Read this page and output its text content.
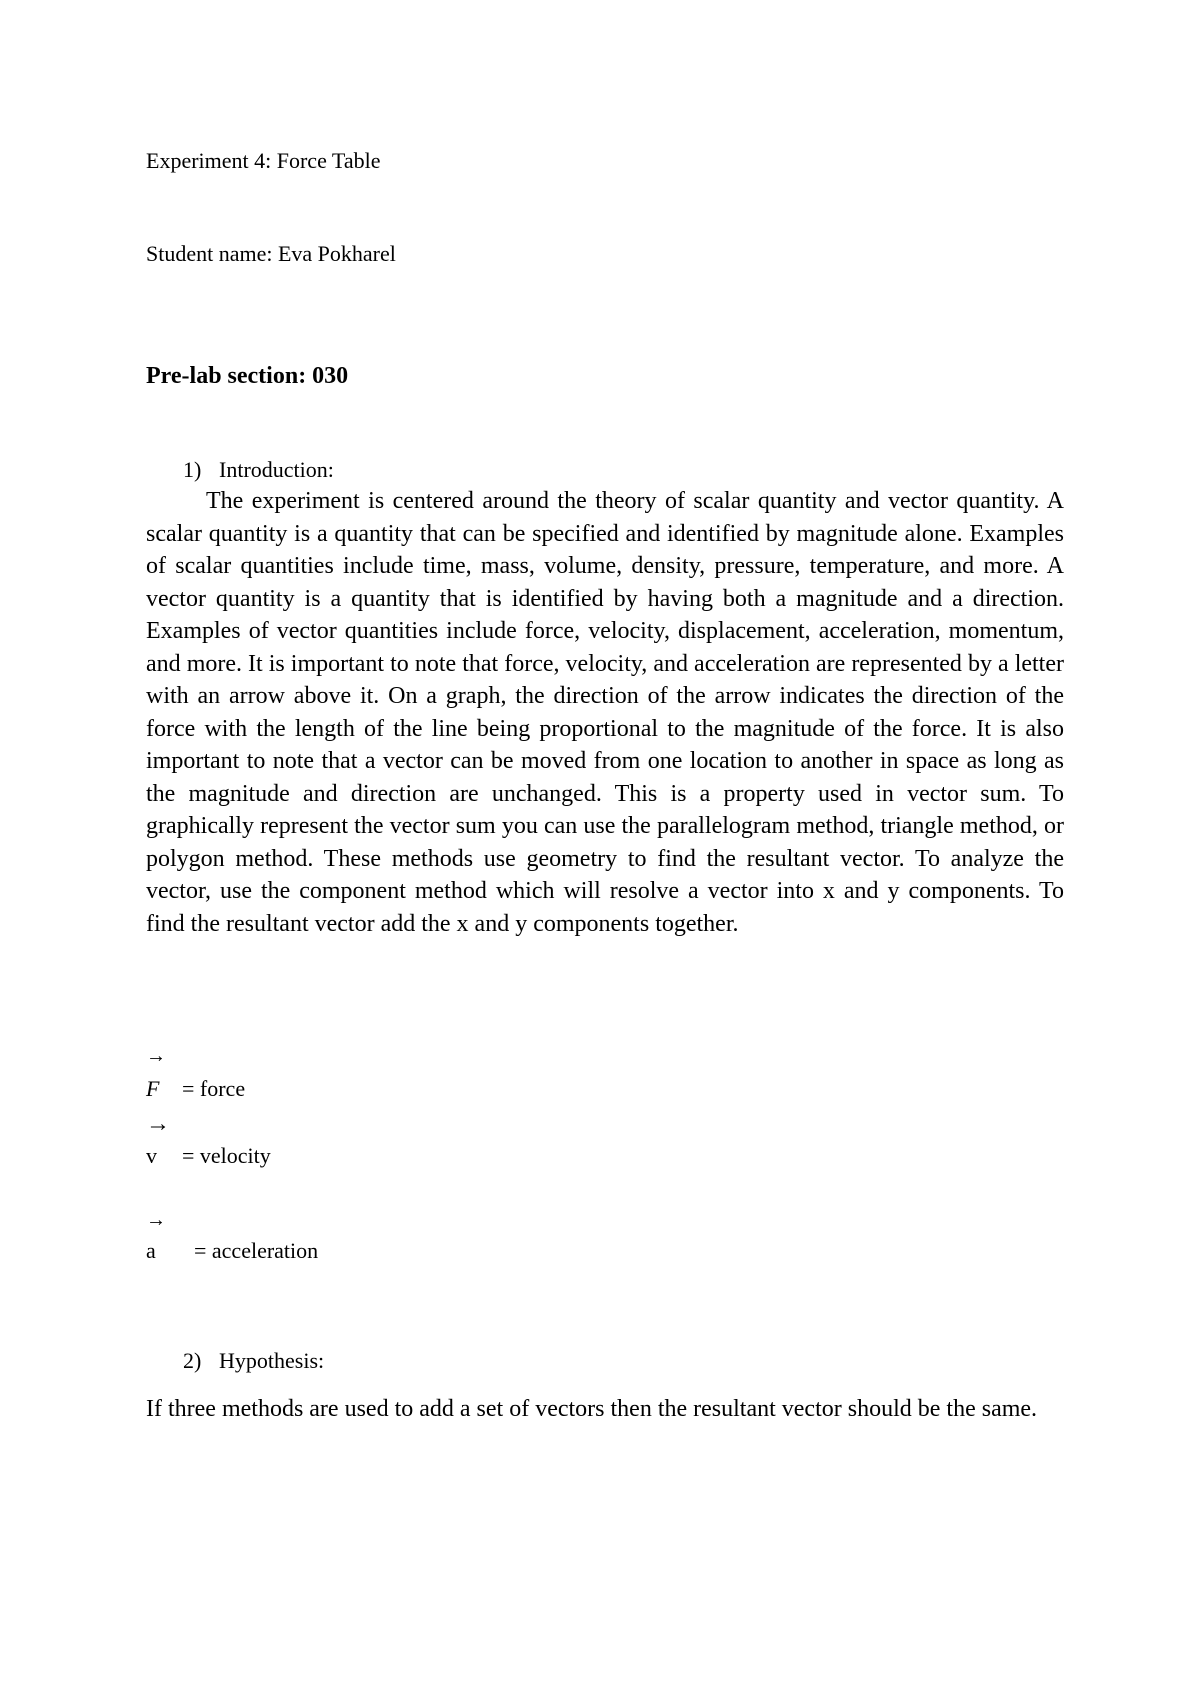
Experiment 4: Force Table
Student name: Eva Pokharel
Pre-lab section: 030
1) Introduction:
The experiment is centered around the theory of scalar quantity and vector quantity. A scalar quantity is a quantity that can be specified and identified by magnitude alone. Examples of scalar quantities include time, mass, volume, density, pressure, temperature, and more. A vector quantity is a quantity that is identified by having both a magnitude and a direction. Examples of vector quantities include force, velocity, displacement, acceleration, momentum, and more. It is important to note that force, velocity, and acceleration are represented by a letter with an arrow above it. On a graph, the direction of the arrow indicates the direction of the force with the length of the line being proportional to the magnitude of the force. It is also important to note that a vector can be moved from one location to another in space as long as the magnitude and direction are unchanged. This is a property used in vector sum. To graphically represent the vector sum you can use the parallelogram method, triangle method, or polygon method. These methods use geometry to find the resultant vector. To analyze the vector, use the component method which will resolve a vector into x and y components. To find the resultant vector add the x and y components together.
→
F = force
→
v = velocity
→
a = acceleration
2) Hypothesis:
If three methods are used to add a set of vectors then the resultant vector should be the same.
